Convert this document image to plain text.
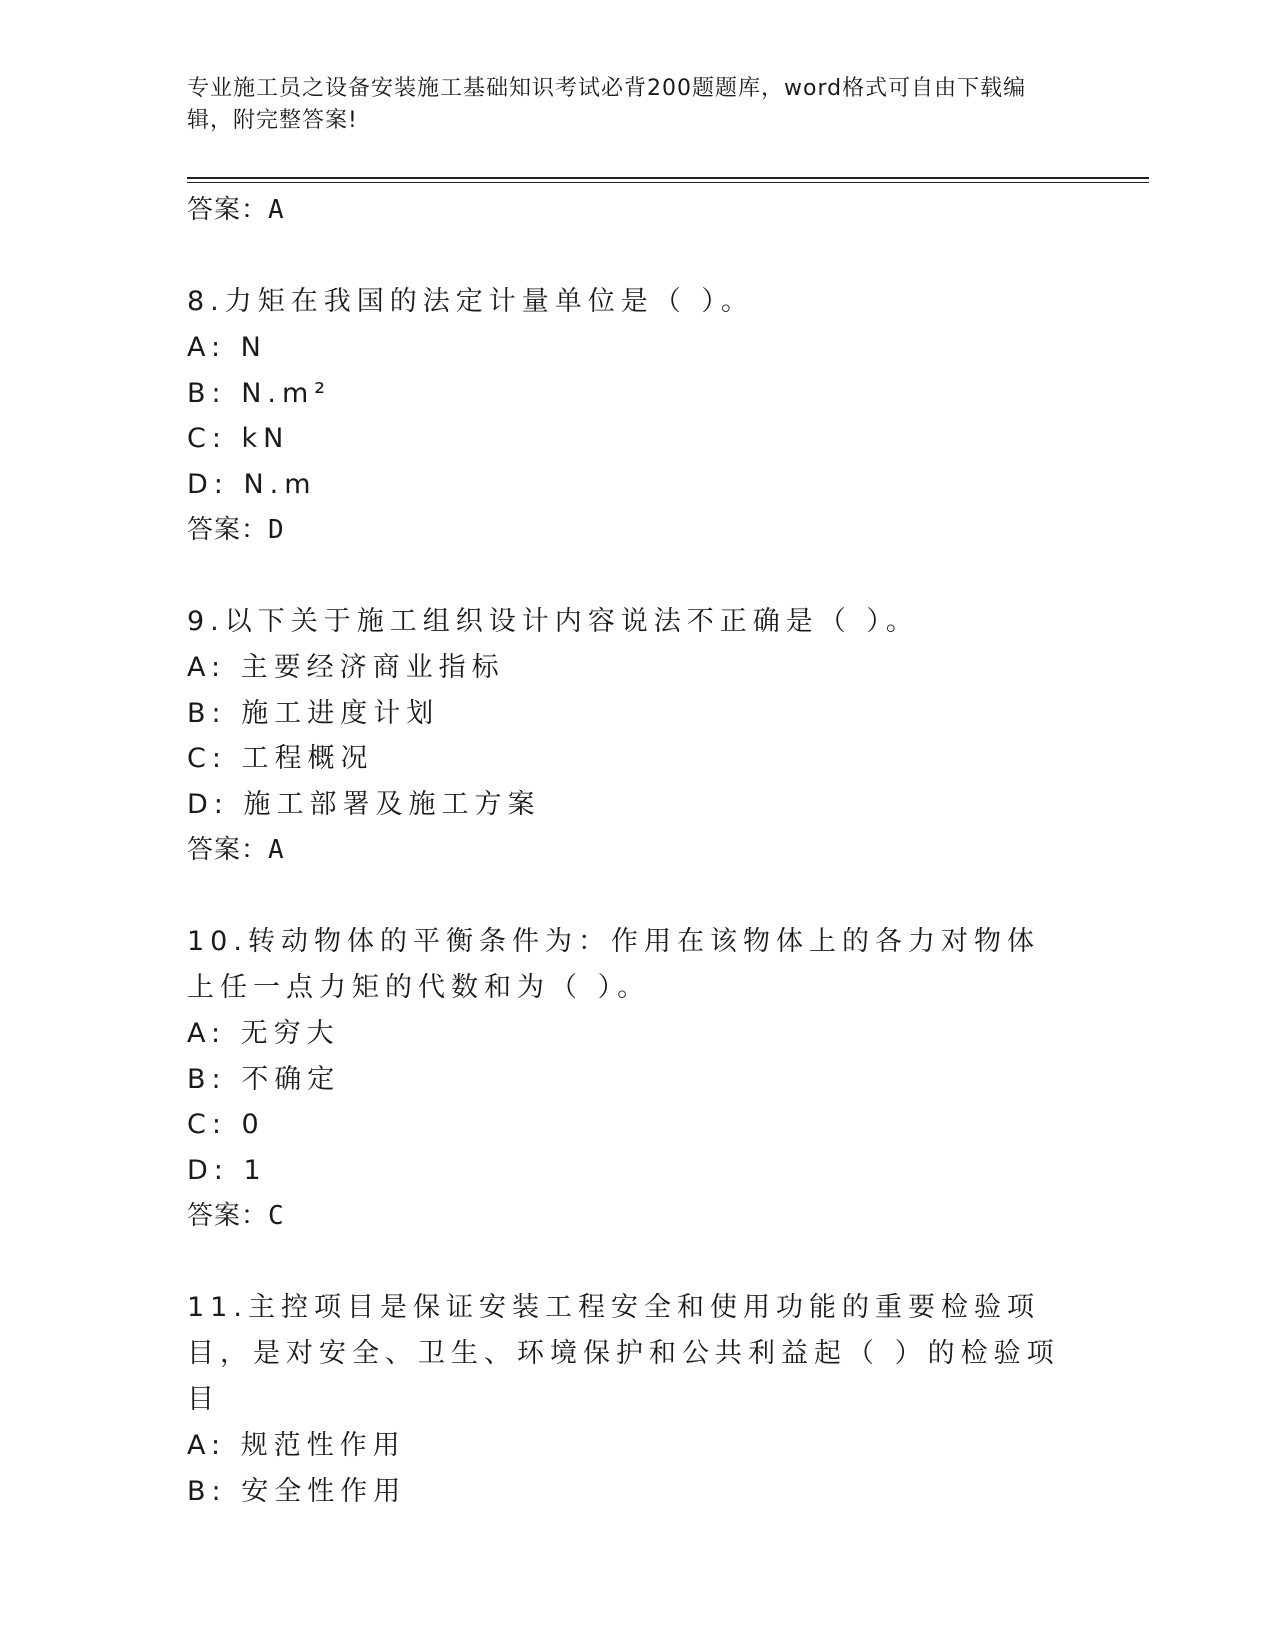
专业施工员之设备安装施工基础知识考试必背200题题库，word格式可自由下载编辑，附完整答案!
答案：A
8.力矩在我国的法定计量单位是（ ）。
A: N
B: N.m²
C: kN
D: N.m
答案：D
9.以下关于施工组织设计内容说法不正确是（ ）。
A: 主要经济商业指标
B: 施工进度计划
C: 工程概况
D: 施工部署及施工方案
答案：A
10.转动物体的平衡条件为：作用在该物体上的各力对物体上任一点力矩的代数和为（ ）。
A: 无穷大
B: 不确定
C: 0
D: 1
答案：C
11.主控项目是保证安装工程安全和使用功能的重要检验项目，是对安全、卫生、环境保护和公共利益起（ ）的检验项目
A: 规范性作用
B: 安全性作用
